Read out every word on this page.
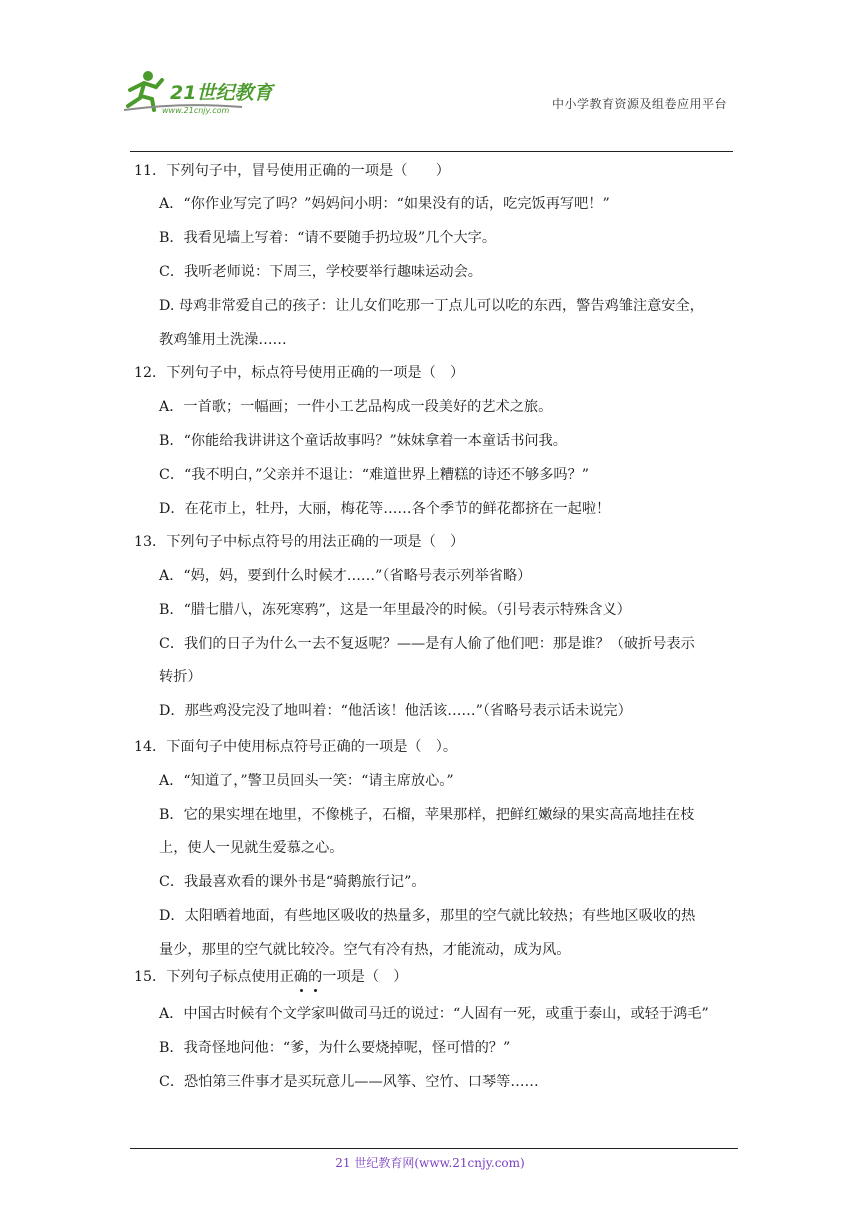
21世纪教育
www.21cnjy.com	中小学教育资源及组卷应用平台
11．下列句子中，冒号使用正确的一项是（　　）
A．“你作业写完了吗？”妈妈问小明：“如果没有的话，吃完饭再写吧！”
B．我看见墙上写着：“请不要随手扔垃圾”几个大字。
C．我听老师说：下周三，学校要举行趣味运动会。
D. 母鸡非常爱自己的孩子：让儿女们吃那一丁点儿可以吃的东西，警告鸡雏注意安全，
教鸡雏用土洗澡……
12．下列句子中，标点符号使用正确的一项是（　）
A．一首歌；一幅画；一件小工艺品构成一段美好的艺术之旅。
B．“你能给我讲讲这个童话故事吗？”妹妹拿着一本童话书问我。
C．“我不明白，”父亲并不退让：“难道世界上糟糕的诗还不够多吗？”
D．在花市上，牡丹，大丽，梅花等……各个季节的鲜花都挤在一起啦！
13．下列句子中标点符号的用法正确的一项是（　）
A．“妈，妈，要到什么时候才……”（省略号表示列举省略）
B．“腊七腊八，冻死寒鸦”，这是一年里最冷的时候。（引号表示特殊含义）
C．我们的日子为什么一去不复返呢？——是有人偷了他们吧：那是谁？（破折号表示
转折）
D．那些鸡没完没了地叫着：“他活该！他活该……”（省略号表示话未说完）
14．下面句子中使用标点符号正确的一项是（　）。
A．“知道了，”警卫员回头一笑：“请主席放心。”
B．它的果实埋在地里，不像桃子，石榴，苹果那样，把鲜红嫩绿的果实高高地挂在枝
上，使人一见就生爱慕之心。
C．我最喜欢看的课外书是“骑鹅旅行记”。
D．太阳晒着地面，有些地区吸收的热量多，那里的空气就比较热；有些地区吸收的热
量少，那里的空气就比较冷。空气有冷有热，才能流动，成为风。
15．下列句子标点使用正确的一项是（　）
A．中国古时候有个文学家叫做司马迁的说过：“人固有一死，或重于泰山，或轻于鸿毛”
B．我奇怪地问他：“爹，为什么要烧掉呢，怪可惜的？”
C．恐怕第三件事才是买玩意儿——风筝、空竹、口琴等……
21 世纪教育网(www.21cnjy.com)
